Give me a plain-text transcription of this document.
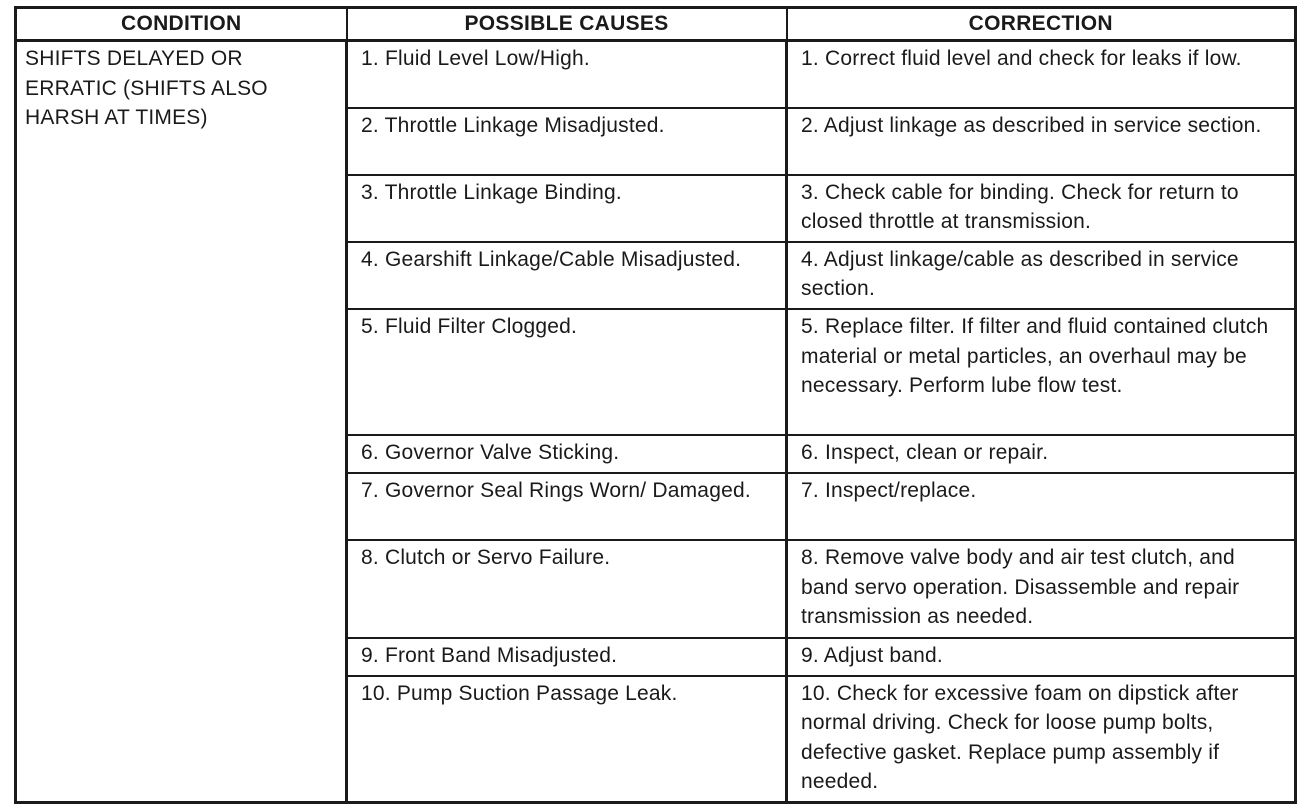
CONDITION	POSSIBLE CAUSES	CORRECTION
SHIFTS DELAYED OR ERRATIC (SHIFTS ALSO HARSH AT TIMES)	1. Fluid Level Low/High.	1. Correct fluid level and check for leaks if low.
	2. Throttle Linkage Misadjusted.	2. Adjust linkage as described in service section.
	3. Throttle Linkage Binding.	3. Check cable for binding. Check for return to closed throttle at transmission.
	4. Gearshift Linkage/Cable Misadjusted.	4. Adjust linkage/cable as described in service section.
	5. Fluid Filter Clogged.	5. Replace filter. If filter and fluid contained clutch material or metal particles, an overhaul may be necessary. Perform lube flow test.
	6. Governor Valve Sticking.	6. Inspect, clean or repair.
	7. Governor Seal Rings Worn/ Damaged.	7. Inspect/replace.
	8. Clutch or Servo Failure.	8. Remove valve body and air test clutch, and band servo operation. Disassemble and repair transmission as needed.
	9. Front Band Misadjusted.	9. Adjust band.
	10. Pump Suction Passage Leak.	10. Check for excessive foam on dipstick after normal driving. Check for loose pump bolts, defective gasket. Replace pump assembly if needed.
